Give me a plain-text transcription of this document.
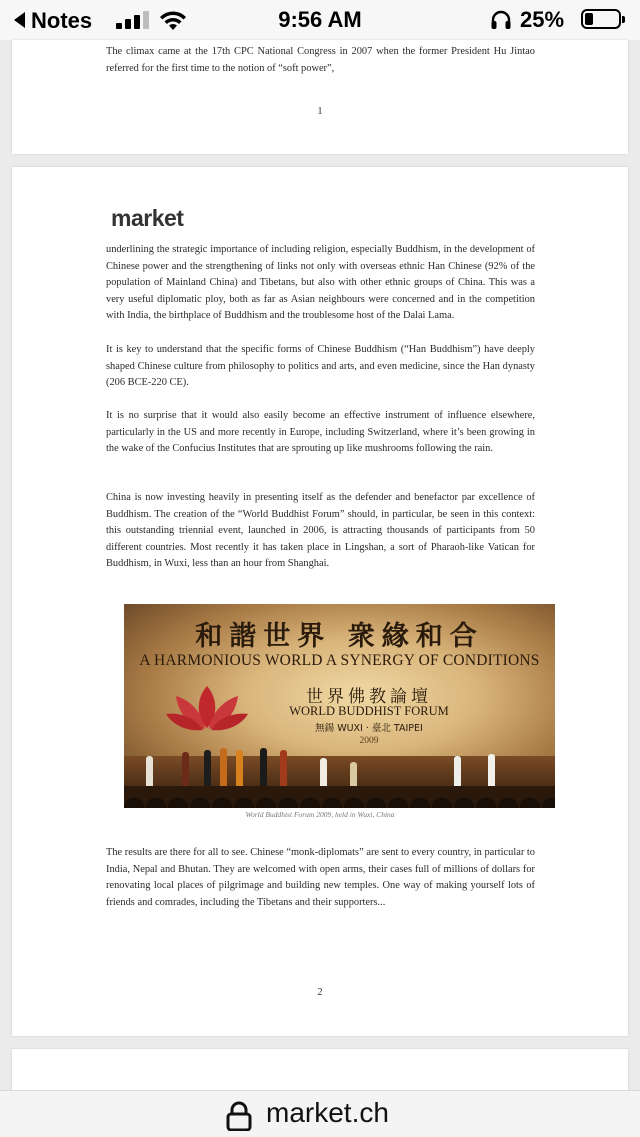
Notes	9:56 AM	25%

The climax came at the 17th CPC National Congress in 2007 when the former President Hu Jintao referred for the first time to the notion of “soft power”,

1
market

underlining the strategic importance of including religion, especially Buddhism, in the development of Chinese power and the strengthening of links not only with overseas ethnic Han Chinese (92% of the population of Mainland China) and Tibetans, but also with other ethnic groups of China. This was a very useful diplomatic ploy, both as far as Asian neighbours were concerned and in the competition with India, the birthplace of Buddhism and the troublesome host of the Dalai Lama.

It is key to understand that the specific forms of Chinese Buddhism (“Han Buddhism”) have deeply shaped Chinese culture from philosophy to politics and arts, and even medicine, since the Han dynasty (206 BCE-220 CE).

It is no surprise that it would also easily become an effective instrument of influence elsewhere, particularly in the US and more recently in Europe, including Switzerland, where it’s been growing in the wake of the Confucius Institutes that are sprouting up like mushrooms following the rain.

China is now investing heavily in presenting itself as the defender and benefactor par excellence of Buddhism. The creation of the “World Buddhist Forum” should, in particular, be seen in this context: this outstanding triennial event, launched in 2006, is attracting thousands of participants from 50 different countries. Most recently it has taken place in Lingshan, a sort of Pharaoh-like Vatican for Buddhism, in Wuxi, less than an hour from Shanghai.

和諧世界 衆緣和合
A HARMONIOUS WORLD A SYNERGY OF CONDITIONS
世界佛教論壇
WORLD BUDDHIST FORUM
無錫 WUXI · 臺北 TAIPEI
2009
World Buddhist Forum 2009, held in Wuxi, China

The results are there for all to see. Chinese “monk-diplomats” are sent to every country, in particular to India, Nepal and Bhutan. They are welcomed with open arms, their cases full of millions of dollars for renovating local places of pilgrimage and building new temples. One way of making yourself lots of friends and comrades, including the Tibetans and their supporters...

2
market.ch
